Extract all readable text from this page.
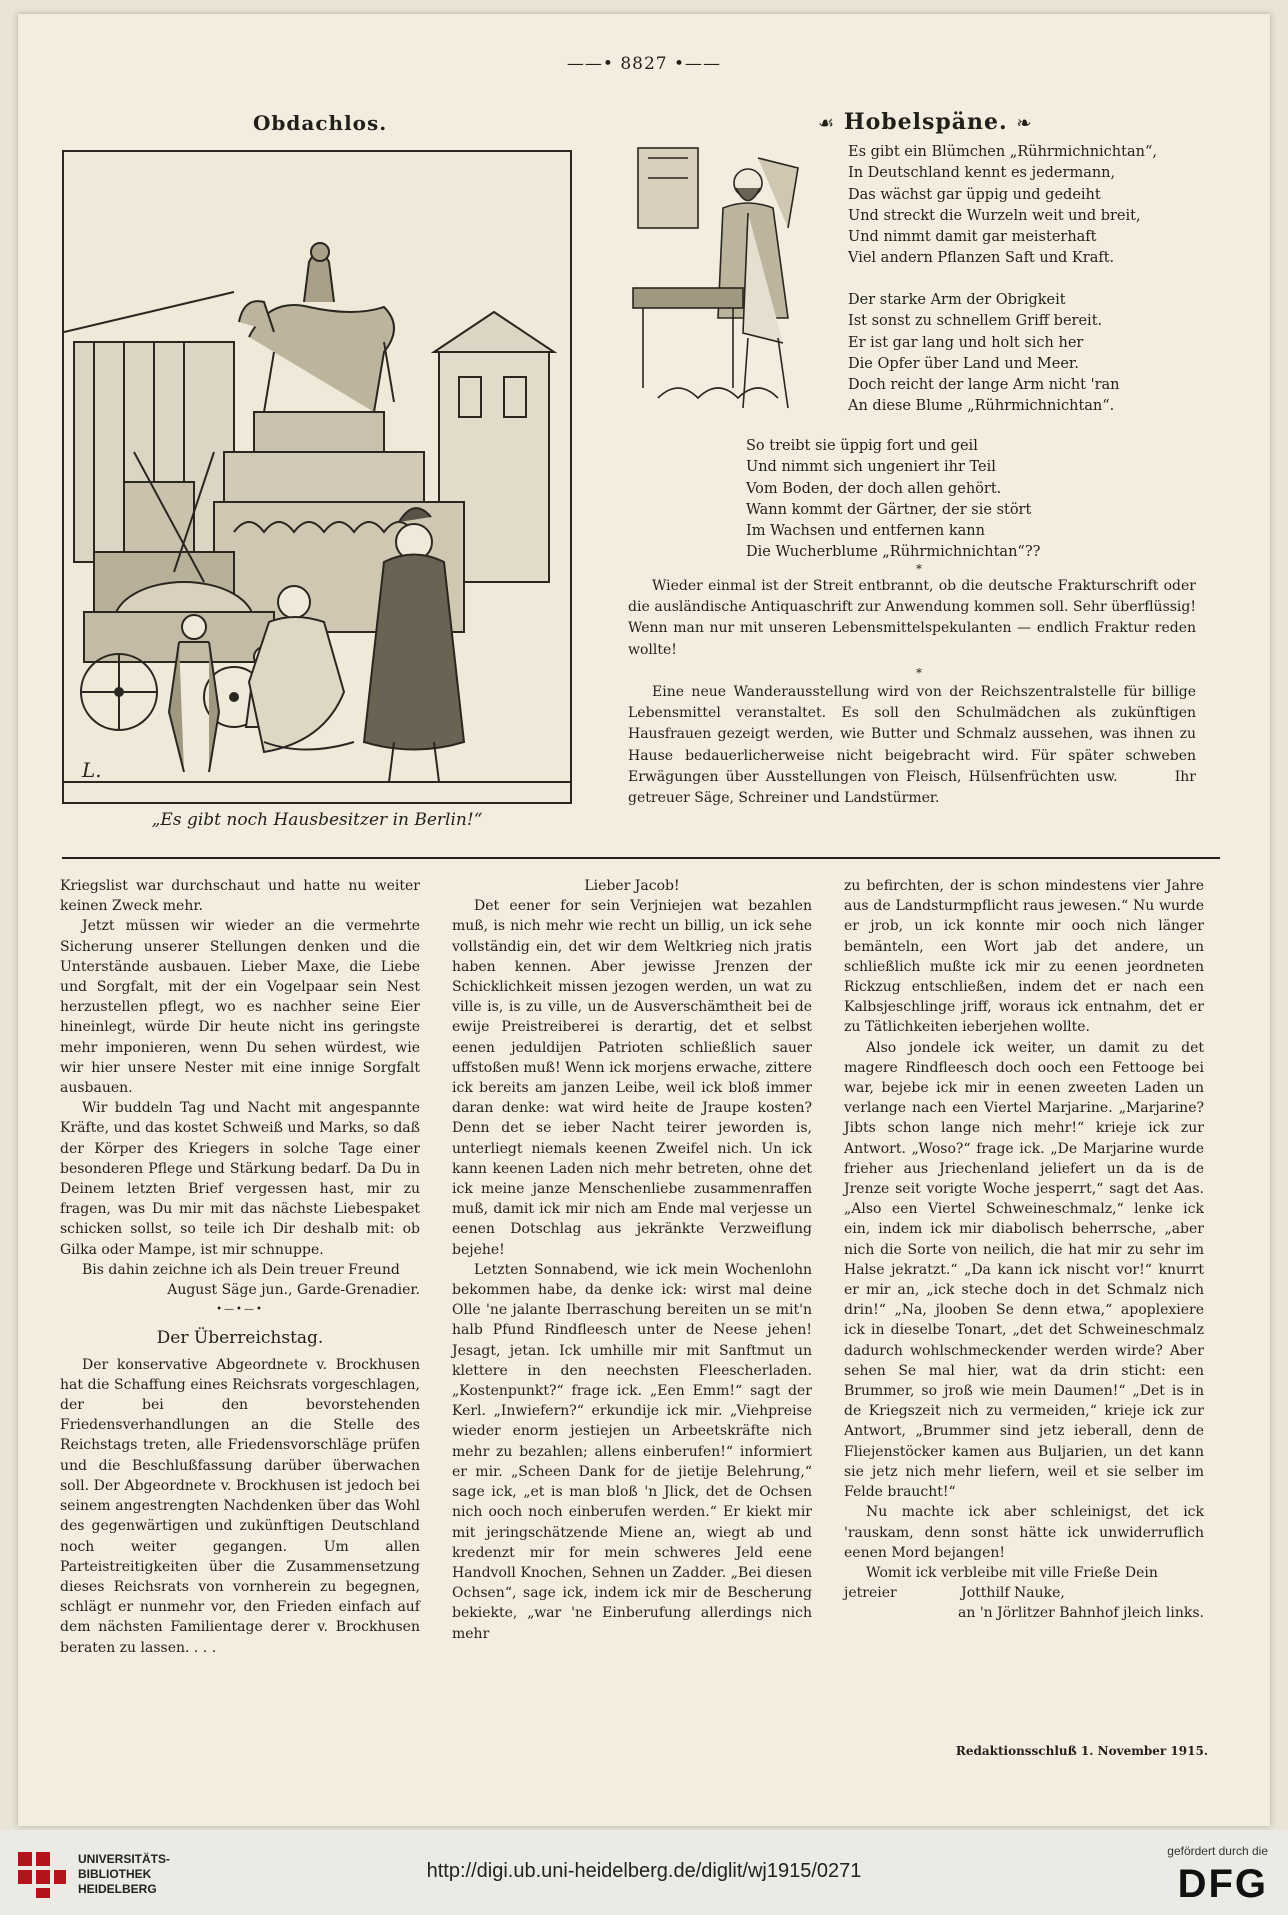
——• 8827 •——
Obdachlos.
L.
„Es gibt noch Hausbesitzer in Berlin!“
☙ Hobelspäne. ❧

Es gibt ein Blümchen „Rührmichnichtan“,

In Deutschland kennt es jedermann,

Das wächst gar üppig und gedeiht

Und streckt die Wurzeln weit und breit,

Und nimmt damit gar meisterhaft

Viel andern Pflanzen Saft und Kraft.

Der starke Arm der Obrigkeit

Ist sonst zu schnellem Griff bereit.

Er ist gar lang und holt sich her

Die Opfer über Land und Meer.

Doch reicht der lange Arm nicht 'ran

An diese Blume „Rührmichnichtan“.

So treibt sie üppig fort und geil

Und nimmt sich ungeniert ihr Teil

Vom Boden, der doch allen gehört.

Wann kommt der Gärtner, der sie stört

Im Wachsen und entfernen kann

Die Wucherblume „Rührmichnichtan“??

*

Wieder einmal ist der Streit entbrannt, ob die deutsche Frakturschrift oder die ausländische Antiquaschrift zur Anwendung kommen soll. Sehr überflüssig! Wenn man nur mit unseren Lebensmittelspekulanten — endlich Fraktur reden wollte!

*

Eine neue Wanderausstellung wird von der Reichszentralstelle für billige Lebensmittel veranstaltet. Es soll den Schulmädchen als zukünftigen Hausfrauen gezeigt werden, wie Butter und Schmalz aussehen, was ihnen zu Hause bedauerlicherweise nicht beigebracht wird. Für später schweben Erwägungen über Ausstellungen von Fleisch, Hülsenfrüchten usw.	Ihr getreuer Säge, Schreiner und Landstürmer.

Kriegslist war durchschaut und hatte nu weiter keinen Zweck mehr.

Jetzt müssen wir wieder an die vermehrte Sicherung unserer Stellungen denken und die Unterstände ausbauen. Lieber Maxe, die Liebe und Sorgfalt, mit der ein Vogelpaar sein Nest herzustellen pflegt, wo es nachher seine Eier hineinlegt, würde Dir heute nicht ins geringste mehr imponieren, wenn Du sehen würdest, wie wir hier unsere Nester mit eine innige Sorgfalt ausbauen.

Wir buddeln Tag und Nacht mit angespannte Kräfte, und das kostet Schweiß und Marks, so daß der Körper des Kriegers in solche Tage einer besonderen Pflege und Stärkung bedarf. Da Du in Deinem letzten Brief vergessen hast, mir zu fragen, was Du mir mit das nächste Liebespaket schicken sollst, so teile ich Dir deshalb mit: ob Gilka oder Mampe, ist mir schnuppe.

Bis dahin zeichne ich als Dein treuer Freund

August Säge jun., Garde-Grenadier.

•—•—•

Der Überreichstag.

Der konservative Abgeordnete v. Brockhusen hat die Schaffung eines Reichsrats vorgeschlagen, der bei den bevorstehenden Friedensverhandlungen an die Stelle des Reichstags treten, alle Friedensvorschläge prüfen und die Beschlußfassung darüber überwachen soll. Der Abgeordnete v. Brockhusen ist jedoch bei seinem angestrengten Nachdenken über das Wohl des gegenwärtigen und zukünftigen Deutschland noch weiter gegangen. Um allen Parteistreitigkeiten über die Zusammensetzung dieses Reichsrats von vornherein zu begegnen, schlägt er nunmehr vor, den Frieden einfach auf dem nächsten Familientage derer v. Brockhusen beraten zu lassen. . . .

Lieber Jacob!

Det eener for sein Verjniejen wat bezahlen muß, is nich mehr wie recht un billig, un ick sehe vollständig ein, det wir dem Weltkrieg nich jratis haben kennen. Aber jewisse Jrenzen der Schicklichkeit missen jezogen werden, un wat zu ville is, is zu ville, un de Ausverschämtheit bei de ewije Preistreiberei is derartig, det et selbst eenen jeduldijen Patrioten schließlich sauer uffstoßen muß! Wenn ick morjens erwache, zittere ick bereits am janzen Leibe, weil ick bloß immer daran denke: wat wird heite de Jraupe kosten? Denn det se ieber Nacht teirer jeworden is, unterliegt niemals keenen Zweifel nich. Un ick kann keenen Laden nich mehr betreten, ohne det ick meine janze Menschenliebe zusammenraffen muß, damit ick mir nich am Ende mal verjesse un eenen Dotschlag aus jekränkte Verzweiflung bejehe!

Letzten Sonnabend, wie ick mein Wochenlohn bekommen habe, da denke ick: wirst mal deine Olle 'ne jalante Iberraschung bereiten un se mit'n halb Pfund Rindfleesch unter de Neese jehen! Jesagt, jetan. Ick umhille mir mit Sanftmut un klettere in den neechsten Fleescherladen. „Kostenpunkt?“ frage ick. „Een Emm!“ sagt der Kerl. „Inwiefern?“ erkundije ick mir. „Viehpreise wieder enorm jestiejen un Arbeetskräfte nich mehr zu bezahlen; allens einberufen!“ informiert er mir. „Scheen Dank for de jietije Belehrung,“ sage ick, „et is man bloß 'n Jlick, det de Ochsen nich ooch noch einberufen werden.“ Er kiekt mir mit jeringschätzende Miene an, wiegt ab und kredenzt mir for mein schweres Jeld eene Handvoll Knochen, Sehnen un Zadder. „Bei diesen Ochsen“, sage ick, indem ick mir de Bescherung bekiekte, „war 'ne Einberufung allerdings nich mehr

zu befirchten, der is schon mindestens vier Jahre aus de Landsturmpflicht raus jewesen.“ Nu wurde er jrob, un ick konnte mir ooch nich länger bemänteln, een Wort jab det andere, un schließlich mußte ick mir zu eenen jeordneten Rickzug entschließen, indem det er nach een Kalbsjeschlinge jriff, woraus ick entnahm, det er zu Tätlichkeiten ieberjehen wollte.

Also jondele ick weiter, un damit zu det magere Rindfleesch doch ooch een Fettooge bei war, bejebe ick mir in eenen zweeten Laden un verlange nach een Viertel Marjarine. „Marjarine? Jibts schon lange nich mehr!“ krieje ick zur Antwort. „Woso?“ frage ick. „De Marjarine wurde frieher aus Jriechenland jeliefert un da is de Jrenze seit vorigte Woche jesperrt,“ sagt det Aas. „Also een Viertel Schweineschmalz,“ lenke ick ein, indem ick mir diabolisch beherrsche, „aber nich die Sorte von neilich, die hat mir zu sehr im Halse jekratzt.“ „Da kann ick nischt vor!“ knurrt er mir an, „ick steche doch in det Schmalz nich drin!“ „Na, jlooben Se denn etwa,“ apoplexiere ick in dieselbe Tonart, „det det Schweineschmalz dadurch wohlschmeckender werden wirde? Aber sehen Se mal hier, wat da drin sticht: een Brummer, so jroß wie mein Daumen!“ „Det is in de Kriegszeit nich zu vermeiden,“ krieje ick zur Antwort, „Brummer sind jetz ieberall, denn de Fliejenstöcker kamen aus Buljarien, un det kann sie jetz nich mehr liefern, weil et sie selber im Felde braucht!“

Nu machte ick aber schleinigst, det ick 'rauskam, denn sonst hätte ick unwiderruflich eenen Mord bejangen!

Womit ick verbleibe mit ville Frieße Dein

jetreier	Jotthilf Nauke,

an 'n Jörlitzer Bahnhof jleich links.

Redaktionsschluß 1. November 1915.
UNIVERSITÄTS-
BIBLIOTHEK
HEIDELBERG
http://digi.ub.uni-heidelberg.de/diglit/wj1915/0271
gefördert durch die
DFG
